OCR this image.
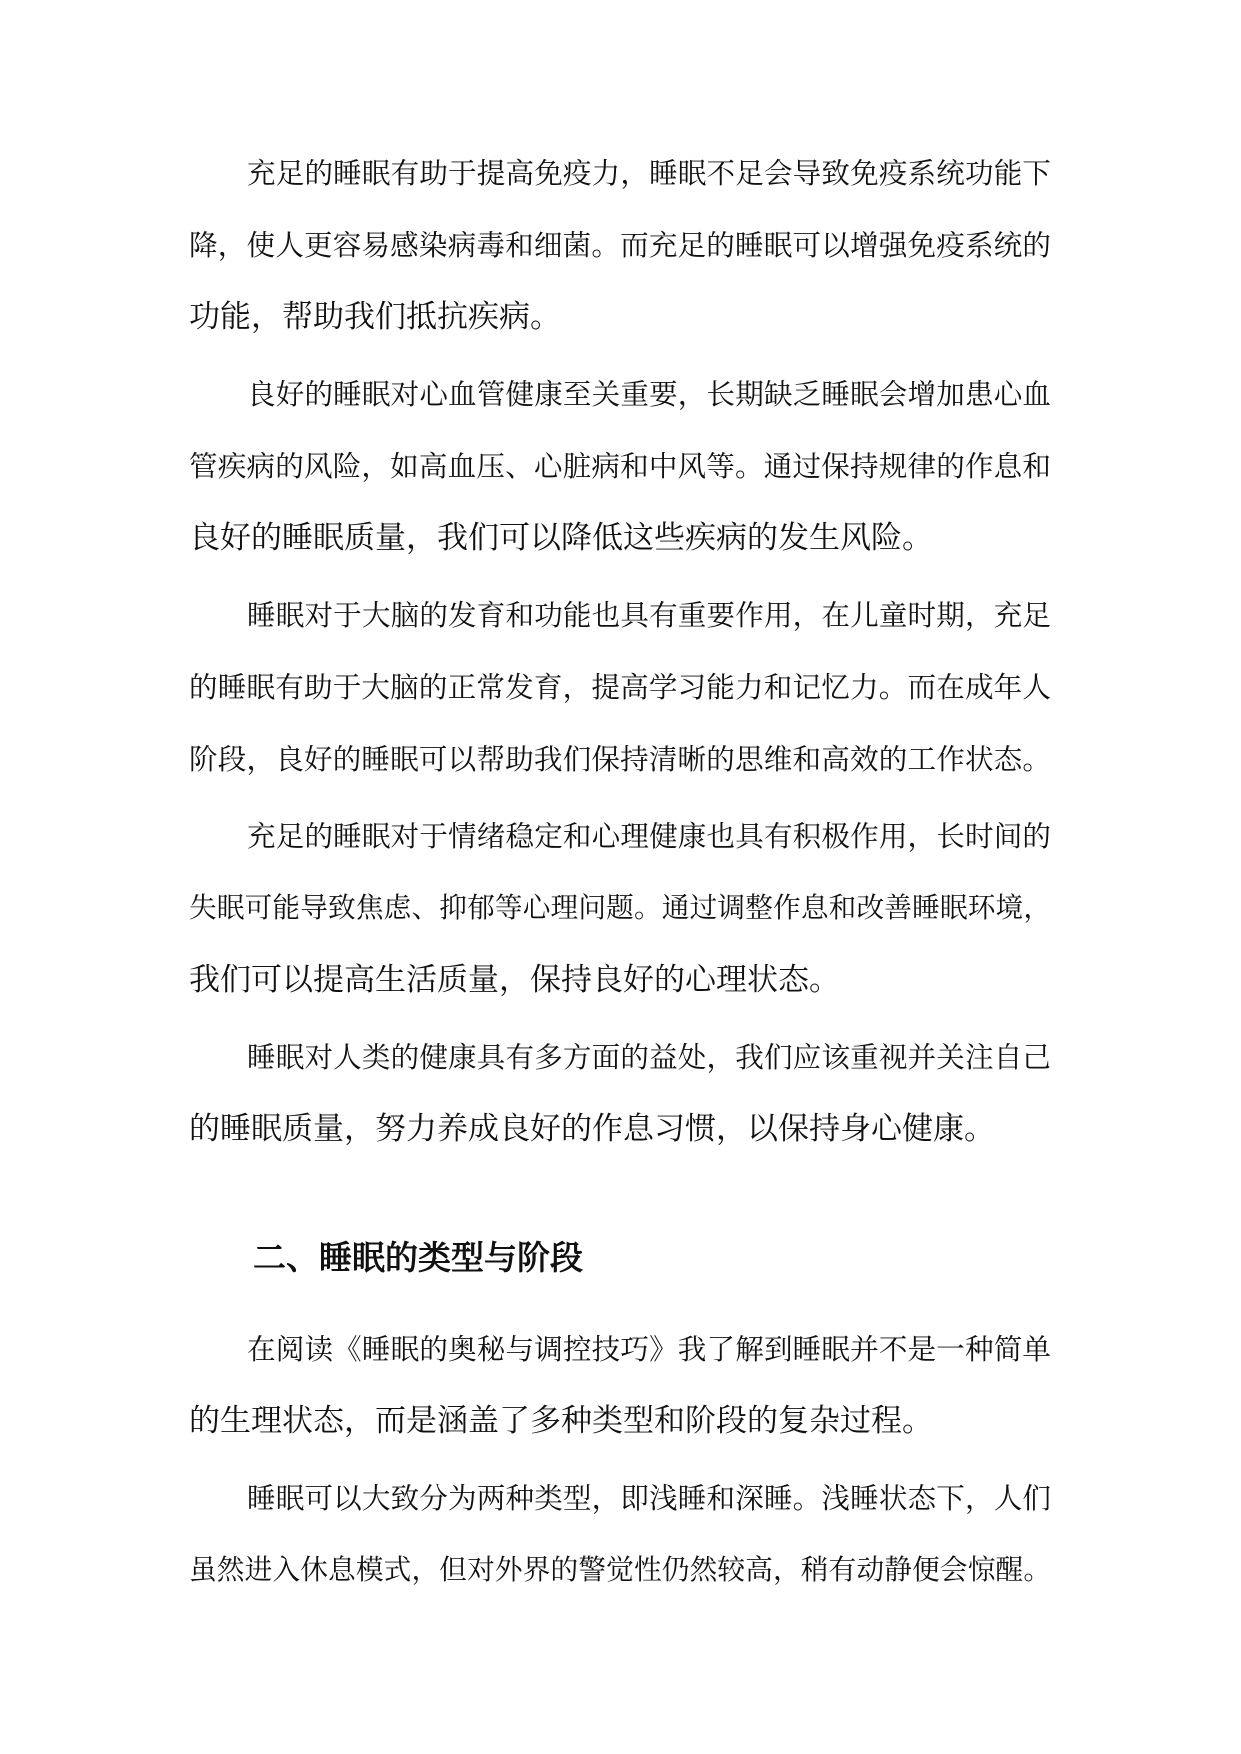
充足的睡眠有助于提高免疫力，睡眠不足会导致免疫系统功能下
降，使人更容易感染病毒和细菌。而充足的睡眠可以增强免疫系统的
功能，帮助我们抵抗疾病。
良好的睡眠对心血管健康至关重要，长期缺乏睡眠会增加患心血
管疾病的风险，如高血压、心脏病和中风等。通过保持规律的作息和
良好的睡眠质量，我们可以降低这些疾病的发生风险。
睡眠对于大脑的发育和功能也具有重要作用，在儿童时期，充足
的睡眠有助于大脑的正常发育，提高学习能力和记忆力。而在成年人
阶段，良好的睡眠可以帮助我们保持清晰的思维和高效的工作状态。
充足的睡眠对于情绪稳定和心理健康也具有积极作用，长时间的
失眠可能导致焦虑、抑郁等心理问题。通过调整作息和改善睡眠环境，
我们可以提高生活质量，保持良好的心理状态。
睡眠对人类的健康具有多方面的益处，我们应该重视并关注自己
的睡眠质量，努力养成良好的作息习惯，以保持身心健康。
二、睡眠的类型与阶段
在阅读《睡眠的奥秘与调控技巧》我了解到睡眠并不是一种简单
的生理状态，而是涵盖了多种类型和阶段的复杂过程。
睡眠可以大致分为两种类型，即浅睡和深睡。浅睡状态下，人们
虽然进入休息模式，但对外界的警觉性仍然较高，稍有动静便会惊醒。
